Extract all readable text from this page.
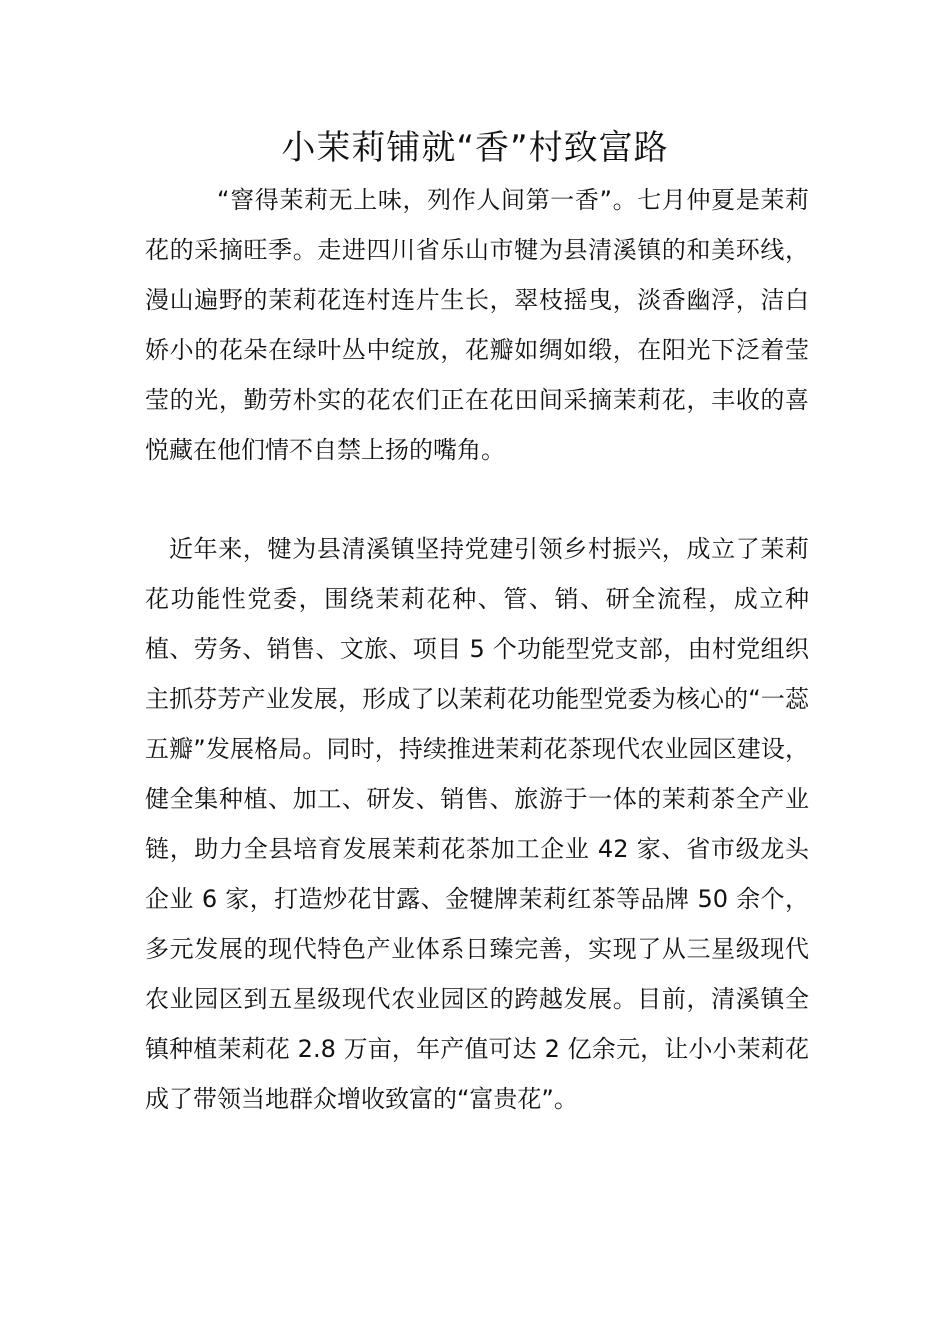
小茉莉铺就“香”村致富路

“窨得茉莉无上味，列作人间第一香”。七月仲夏是茉莉花的采摘旺季。走进四川省乐山市犍为县清溪镇的和美环线，漫山遍野的茉莉花连村连片生长，翠枝摇曳，淡香幽浮，洁白娇小的花朵在绿叶丛中绽放，花瓣如绸如缎，在阳光下泛着莹莹的光，勤劳朴实的花农们正在花田间采摘茉莉花，丰收的喜悦藏在他们情不自禁上扬的嘴角。

近年来，犍为县清溪镇坚持党建引领乡村振兴，成立了茉莉花功能性党委，围绕茉莉花种、管、销、研全流程，成立种植、劳务、销售、文旅、项目 5 个功能型党支部，由村党组织主抓芬芳产业发展，形成了以茉莉花功能型党委为核心的“一蕊五瓣”发展格局。同时，持续推进茉莉花茶现代农业园区建设，健全集种植、加工、研发、销售、旅游于一体的茉莉茶全产业链，助力全县培育发展茉莉花茶加工企业 42 家、省市级龙头企业 6 家，打造炒花甘露、金犍牌茉莉红茶等品牌 50 余个，多元发展的现代特色产业体系日臻完善，实现了从三星级现代农业园区到五星级现代农业园区的跨越发展。目前，清溪镇全镇种植茉莉花 2.8 万亩，年产值可达 2 亿余元，让小小茉莉花成了带领当地群众增收致富的“富贵花”。
